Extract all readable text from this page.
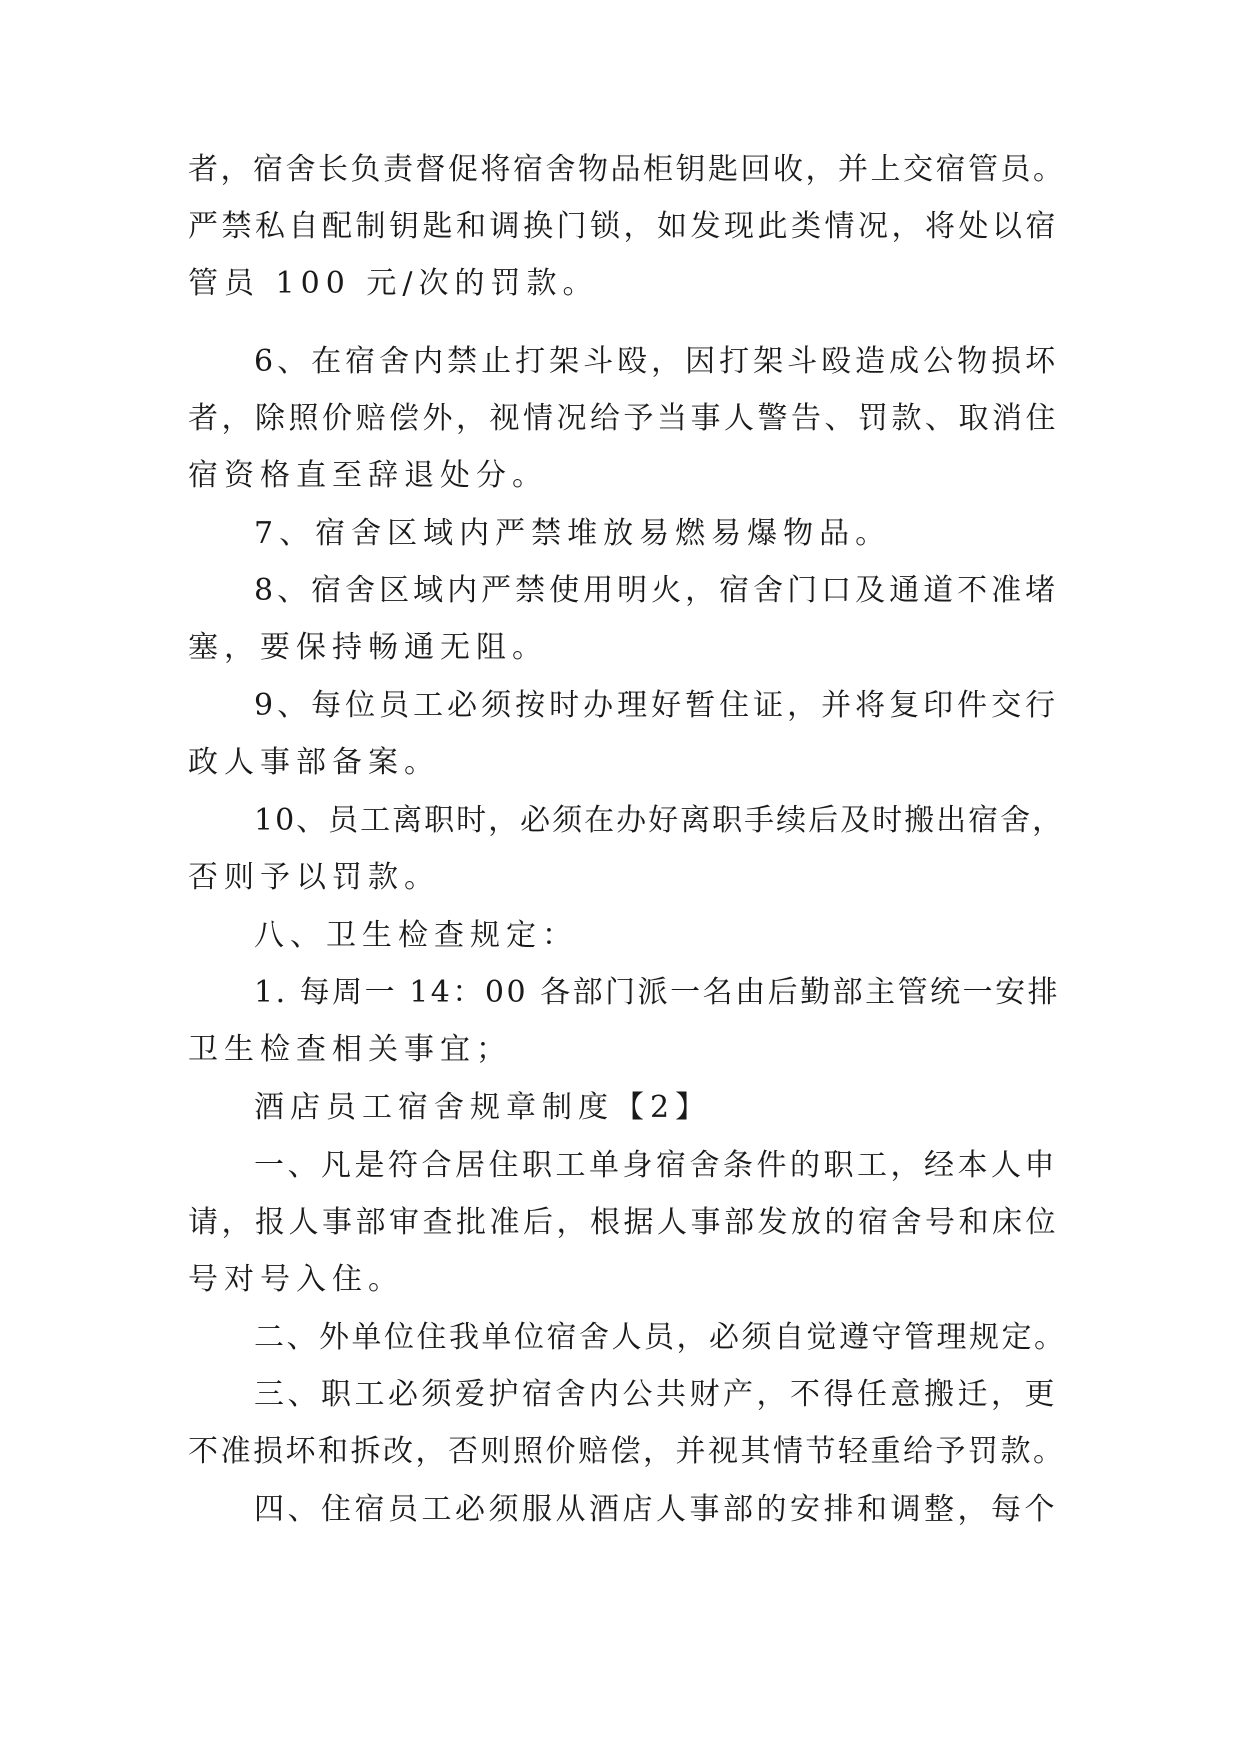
者，宿舍长负责督促将宿舍物品柜钥匙回收，并上交宿管员。
严禁私自配制钥匙和调换门锁，如发现此类情况，将处以宿
管员 100 元/次的罚款。
6、在宿舍内禁止打架斗殴，因打架斗殴造成公物损坏
者，除照价赔偿外，视情况给予当事人警告、罚款、取消住
宿资格直至辞退处分。
7、宿舍区域内严禁堆放易燃易爆物品。
8、宿舍区域内严禁使用明火，宿舍门口及通道不准堵
塞，要保持畅通无阻。
9、每位员工必须按时办理好暂住证，并将复印件交行
政人事部备案。
10、员工离职时，必须在办好离职手续后及时搬出宿舍，
否则予以罚款。
八、卫生检查规定：
1. 每周一 14：00 各部门派一名由后勤部主管统一安排
卫生检查相关事宜；
酒店员工宿舍规章制度【2】
一、凡是符合居住职工单身宿舍条件的职工，经本人申
请，报人事部审查批准后，根据人事部发放的宿舍号和床位
号对号入住。
二、外单位住我单位宿舍人员，必须自觉遵守管理规定。
三、职工必须爱护宿舍内公共财产，不得任意搬迁，更
不准损坏和拆改，否则照价赔偿，并视其情节轻重给予罚款。
四、住宿员工必须服从酒店人事部的安排和调整，每个
